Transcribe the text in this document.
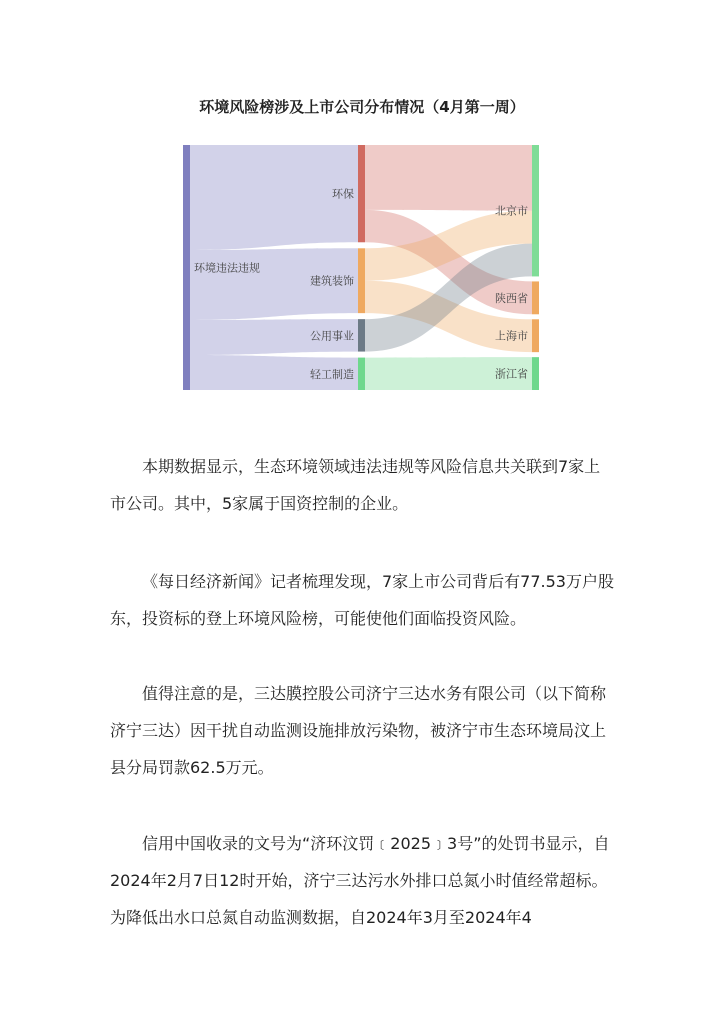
环境风险榜涉及上市公司分布情况（4月第一周）
环境违法违规
环保
建筑装饰
公用事业
轻工制造
北京市
陕西省
上海市
浙江省
本期数据显示，生态环境领域违法违规等风险信息共关联到7家上市公司。其中，5家属于国资控制的企业。
《每日经济新闻》记者梳理发现，7家上市公司背后有77.53万户股东，投资标的登上环境风险榜，可能使他们面临投资风险。
值得注意的是，三达膜控股公司济宁三达水务有限公司（以下简称济宁三达）因干扰自动监测设施排放污染物，被济宁市生态环境局汶上县分局罚款62.5万元。
信用中国收录的文号为“济环汶罚﹝2025﹞3号”的处罚书显示，自2024年2月7日12时开始，济宁三达污水外排口总氮小时值经常超标。为降低出水口总氮自动监测数据，自2024年3月至2024年4
